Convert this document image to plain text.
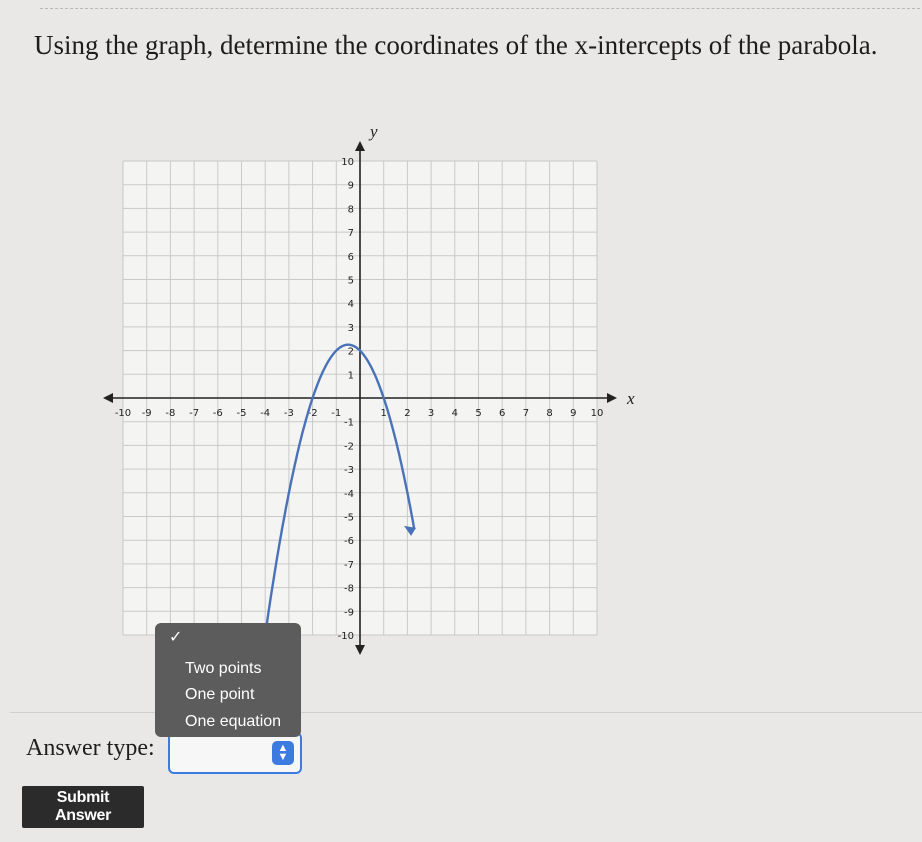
Using the graph, determine the coordinates of the x-intercepts of the parabola.
x
y
-10 -9 -8 -7 -6 -5 -4 -3 -2 -1	1 2 3 4 5 6 7 8 9 10
10
9
8
7
6
5
4
3
2
1
-1
-2
-3
-4
-5
-6
-7
-8
-9
-10
Answer type:	▲
▼
✓
Two points
One point
One equation
Submit Answer
